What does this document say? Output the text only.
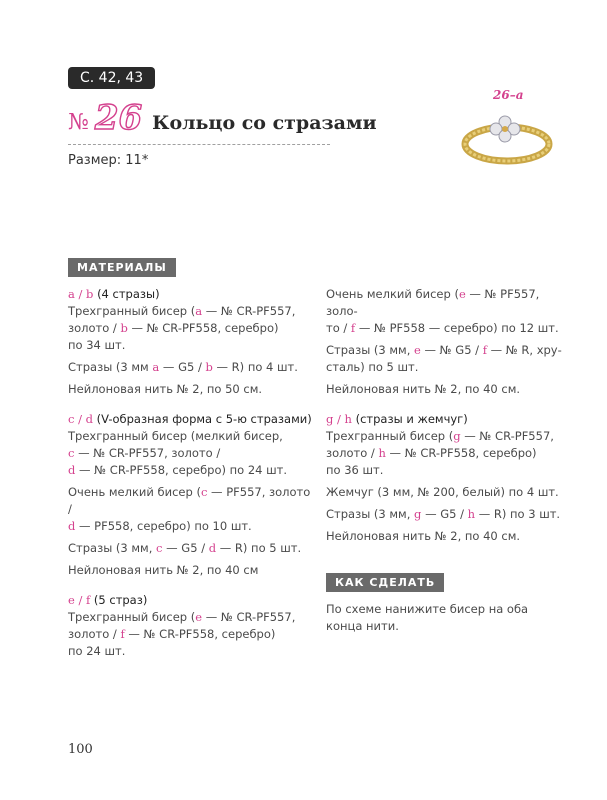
С. 42, 43
№ 26 Кольцо со стразами
Размер: 11*
26–а
МАТЕРИАЛЫ

a / b (4 стразы)

Трехгранный бисер (a — № CR-PF557,
золото / b — № CR-PF558, серебро)
по 34 шт.

Стразы (3 мм a — G5 / b — R) по 4 шт.

Нейлоновая нить № 2, по 50 см.

c / d (V-образная форма с 5-ю стразами)

Трехгранный бисер (мелкий бисер,
c — № CR-PF557, золото /
d — № CR-PF558, серебро) по 24 шт.

Очень мелкий бисер (c — PF557, золото /
d — PF558, серебро) по 10 шт.

Стразы (3 мм, c — G5 / d — R) по 5 шт.

Нейлоновая нить № 2, по 40 см

e / f (5 страз)

Трехгранный бисер (e — № CR-PF557,
золото / f — № CR-PF558, серебро)
по 24 шт.

Очень мелкий бисер (e — № PF557, золо-
то / f — № PF558 — серебро) по 12 шт.

Стразы (3 мм, e — № G5 / f — № R, хру-
сталь) по 5 шт.

Нейлоновая нить № 2, по 40 см.

g / h (стразы и жемчуг)

Трехгранный бисер (g — № CR-PF557,
золото / h — № CR-PF558, серебро)
по 36 шт.

Жемчуг (3 мм, № 200, белый) по 4 шт.

Стразы (3 мм, g — G5 / h — R) по 3 шт.

Нейлоновая нить № 2, по 40 см.

КАК СДЕЛАТЬ
По схеме нанижите бисер на оба конца нити.
100
